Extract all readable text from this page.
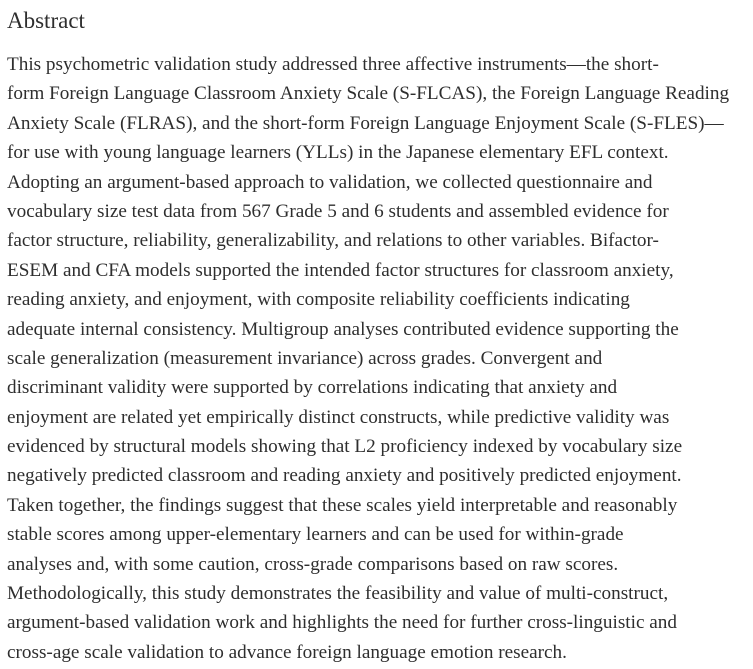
Abstract
This psychometric validation study addressed three affective instruments—the short-
form Foreign Language Classroom Anxiety Scale (S-FLCAS), the Foreign Language Reading
Anxiety Scale (FLRAS), and the short-form Foreign Language Enjoyment Scale (S-FLES)—
for use with young language learners (YLLs) in the Japanese elementary EFL context.
Adopting an argument-based approach to validation, we collected questionnaire and
vocabulary size test data from 567 Grade 5 and 6 students and assembled evidence for
factor structure, reliability, generalizability, and relations to other variables. Bifactor-
ESEM and CFA models supported the intended factor structures for classroom anxiety,
reading anxiety, and enjoyment, with composite reliability coefficients indicating
adequate internal consistency. Multigroup analyses contributed evidence supporting the
scale generalization (measurement invariance) across grades. Convergent and
discriminant validity were supported by correlations indicating that anxiety and
enjoyment are related yet empirically distinct constructs, while predictive validity was
evidenced by structural models showing that L2 proficiency indexed by vocabulary size
negatively predicted classroom and reading anxiety and positively predicted enjoyment.
Taken together, the findings suggest that these scales yield interpretable and reasonably
stable scores among upper-elementary learners and can be used for within-grade
analyses and, with some caution, cross-grade comparisons based on raw scores.
Methodologically, this study demonstrates the feasibility and value of multi-construct,
argument-based validation work and highlights the need for further cross-linguistic and
cross-age scale validation to advance foreign language emotion research.
